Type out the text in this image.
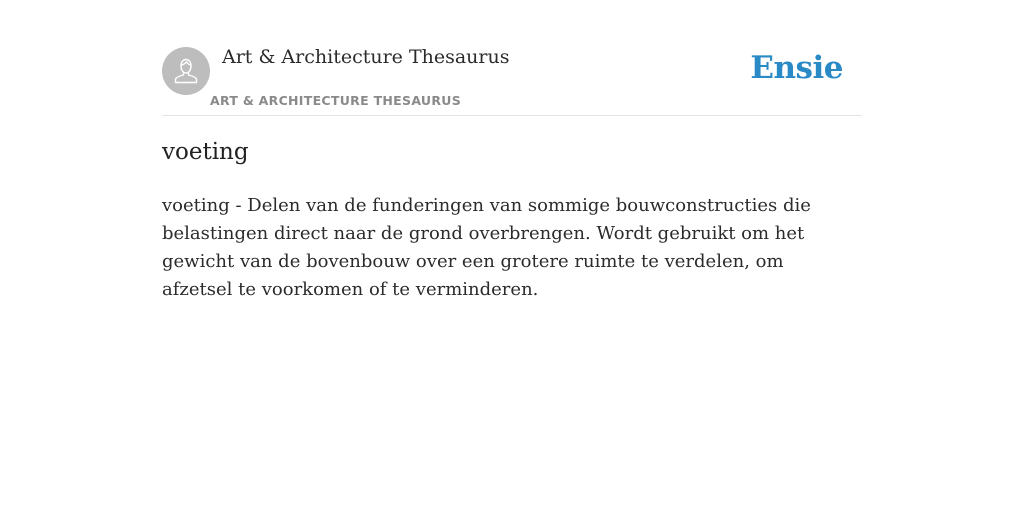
Art & Architecture Thesaurus
ART & ARCHITECTURE THESAURUS
Ensie
voeting

voeting - Delen van de funderingen van sommige bouwconstructies die belastingen direct naar de grond overbrengen. Wordt gebruikt om het gewicht van de bovenbouw over een grotere ruimte te verdelen, om afzetsel te voorkomen of te verminderen.
